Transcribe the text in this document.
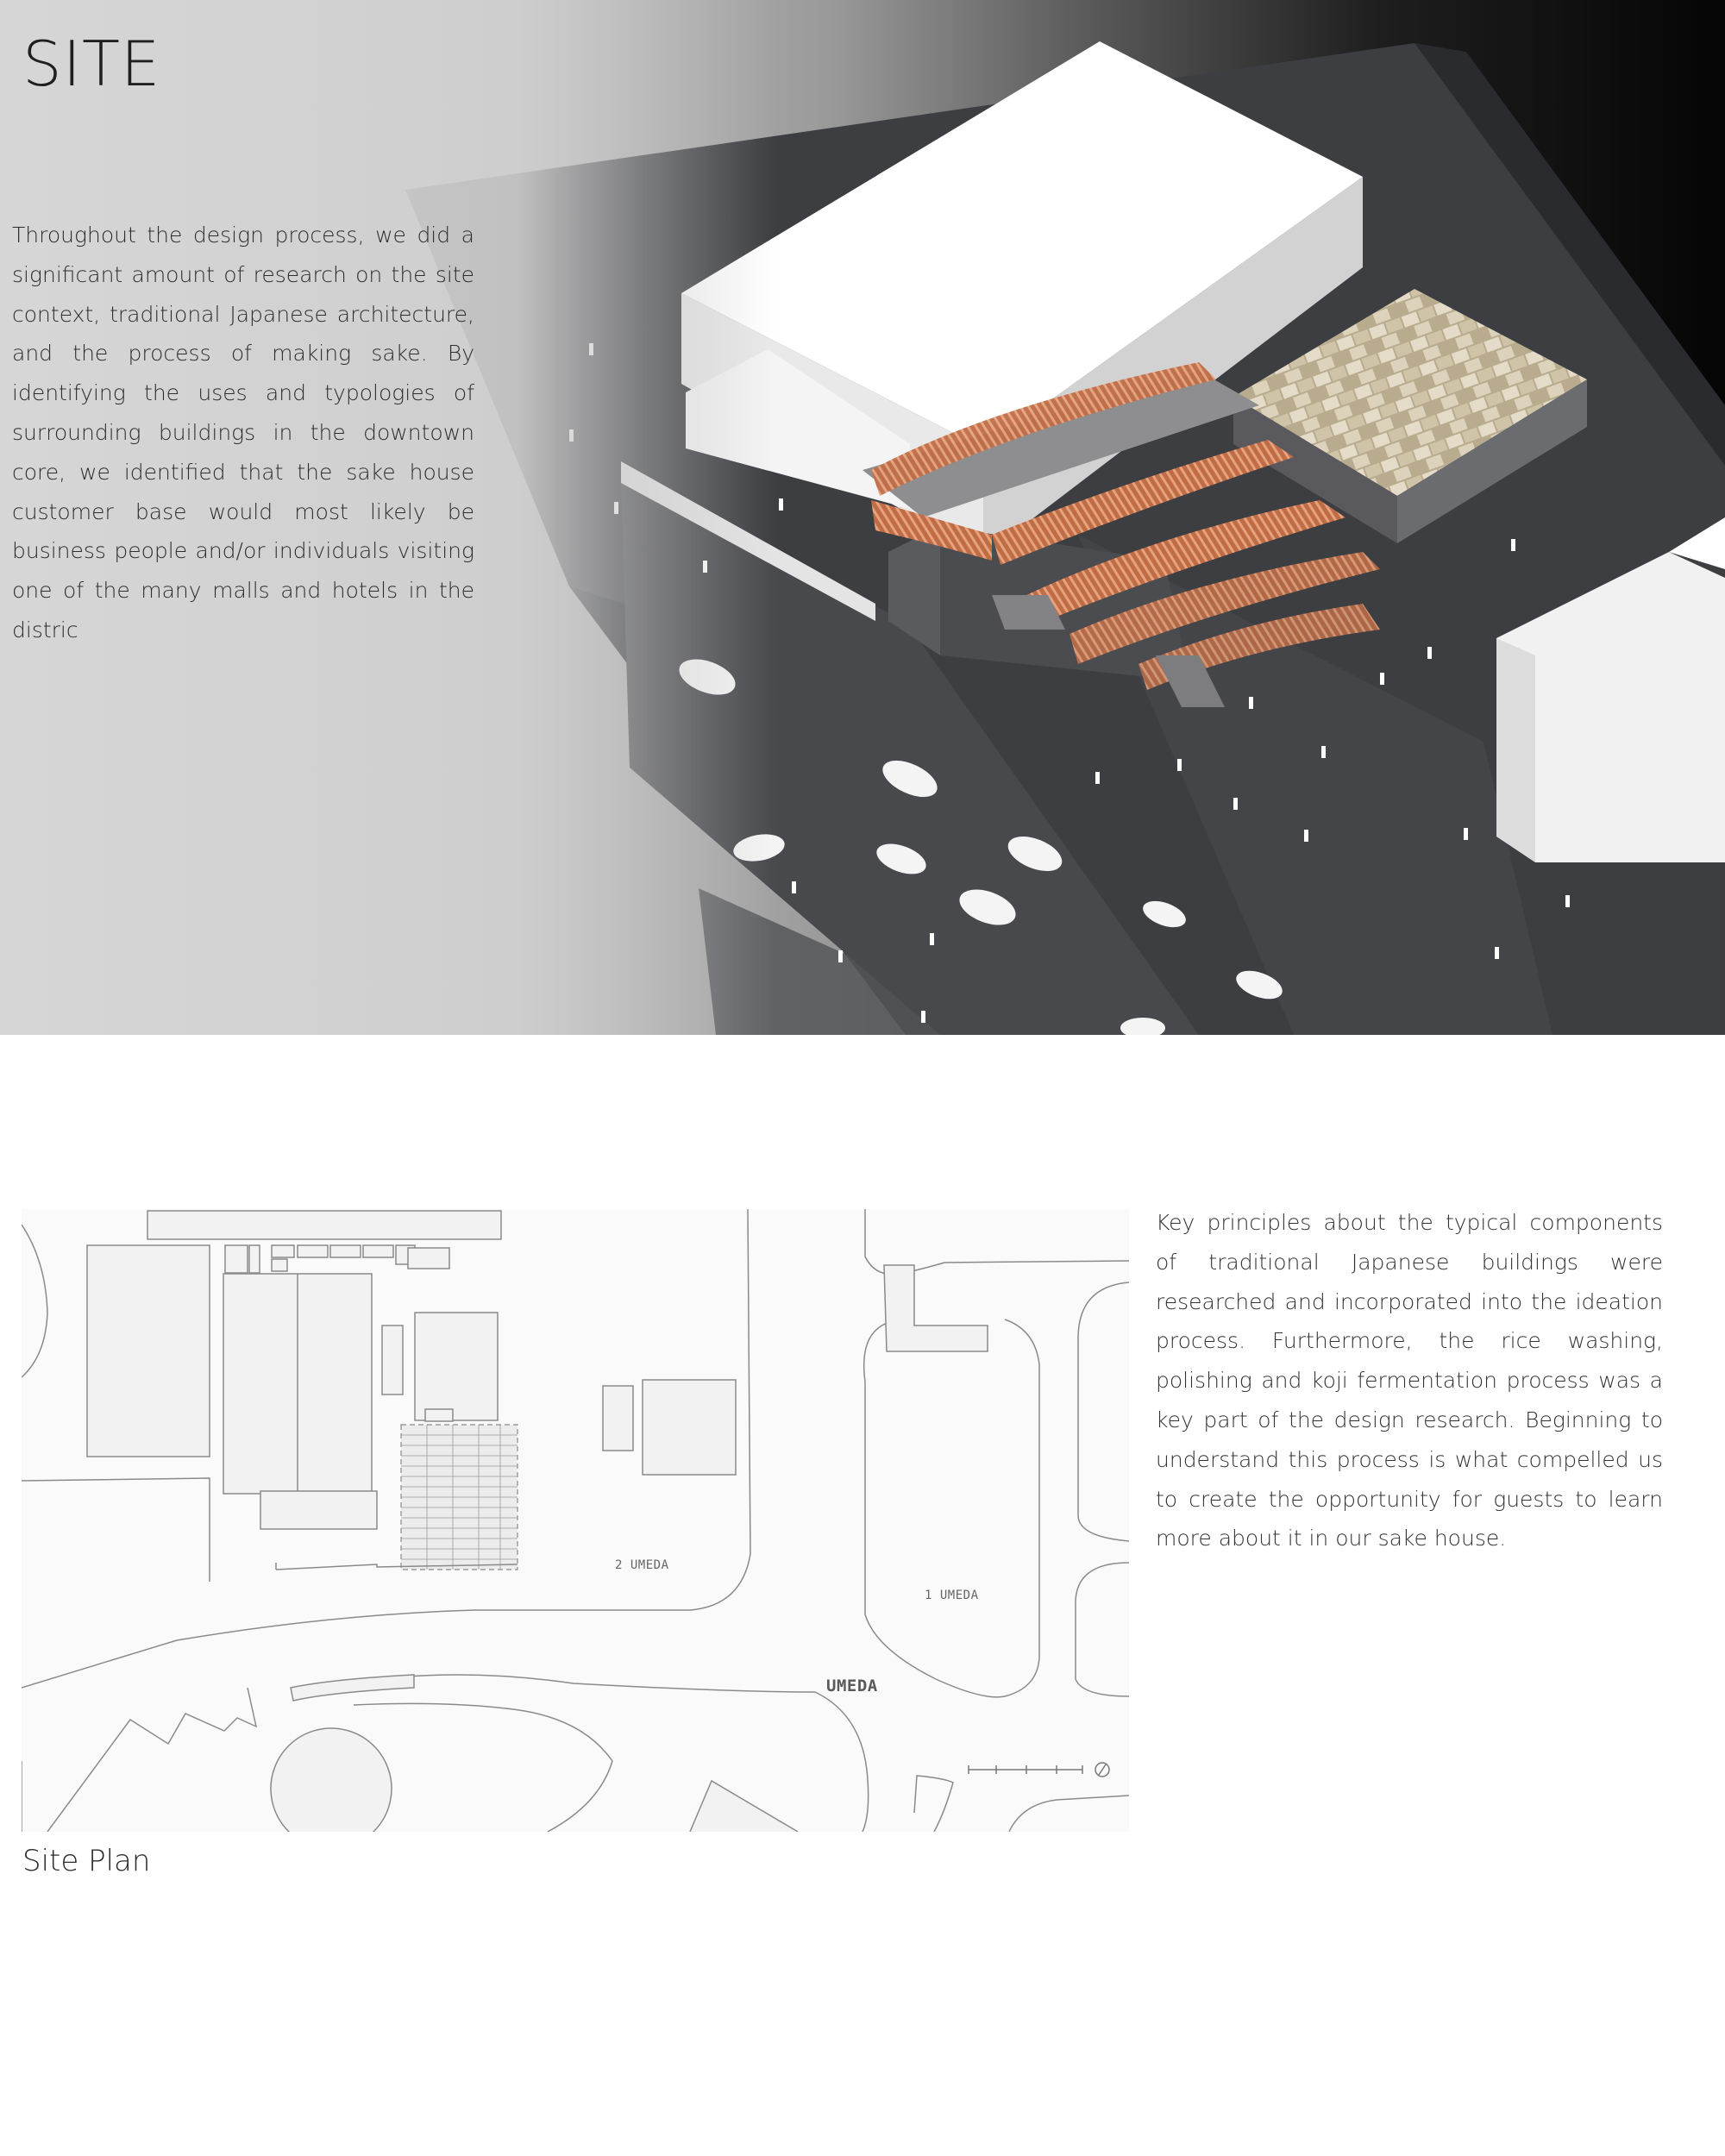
SITE

Throughout the design process, we did a significant amount of research on the site context, traditional Japanese architecture, and the process of making sake. By identifying the uses and typologies of surrounding buildings in the downtown core, we identified that the sake house customer base would most likely be business people and/or individuals visiting one of the many malls and hotels in the distric

2 UMEDA
1 UMEDA
UMEDA

Key principles about the typical components of traditional Japanese buildings were researched and incorporated into the ideation process. Furthermore, the rice washing, polishing and koji fermentation process was a key part of the design research. Beginning to understand this process is what compelled us to create the opportunity for guests to learn more about it in our sake house.

Site Plan
